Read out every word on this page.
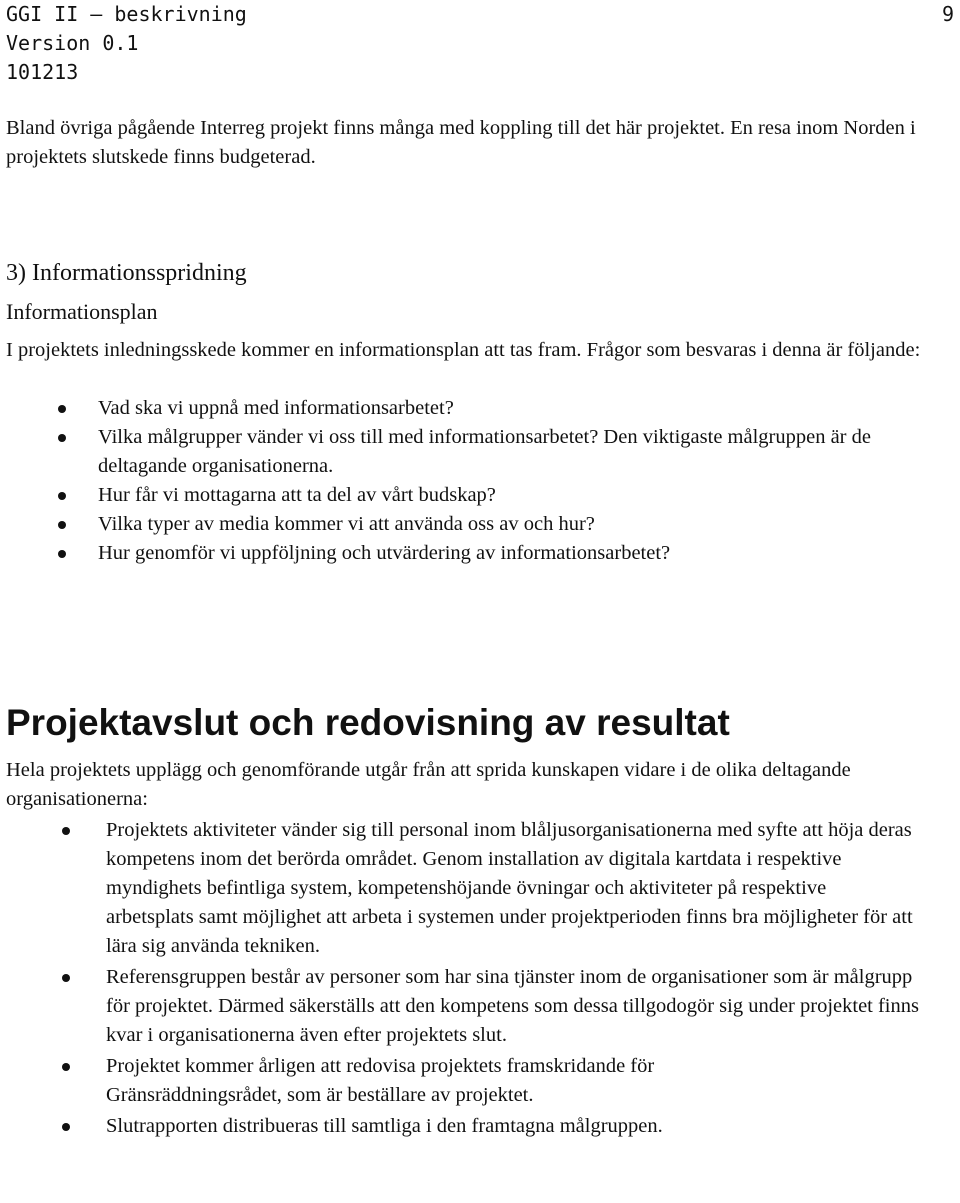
GGI II – beskrivning
Version 0.1
101213
9

Bland övriga pågående Interreg projekt finns många med koppling till det här projektet. En resa inom Norden i projektets slutskede finns budgeterad.

3) Informationsspridning
Informationsplan

I projektets inledningsskede kommer en informationsplan att tas fram. Frågor som besvaras i denna är följande:

Vad ska vi uppnå med informationsarbetet?
Vilka målgrupper vänder vi oss till med informationsarbetet? Den viktigaste målgruppen är de deltagande organisationerna.
Hur får vi mottagarna att ta del av vårt budskap?
Vilka typer av media kommer vi att använda oss av och hur?
Hur genomför vi uppföljning och utvärdering av informationsarbetet?
Projektavslut och redovisning av resultat

Hela projektets upplägg och genomförande utgår från att sprida kunskapen vidare i de olika deltagande organisationerna:

Projektets aktiviteter vänder sig till personal inom blåljusorganisationerna med syfte att höja deras kompetens inom det berörda området. Genom installation av digitala kartdata i respektive myndighets befintliga system, kompetenshöjande övningar och aktiviteter på respektive arbetsplats samt möjlighet att arbeta i systemen under projektperioden finns bra möjligheter för att lära sig använda tekniken.
Referensgruppen består av personer som har sina tjänster inom de organisationer som är målgrupp för projektet. Därmed säkerställs att den kompetens som dessa tillgodogör sig under projektet finns kvar i organisationerna även efter projektets slut.
Projektet kommer årligen att redovisa projektets framskridande för Gränsräddningsrådet, som är beställare av projektet.
Slutrapporten distribueras till samtliga i den framtagna målgruppen.
